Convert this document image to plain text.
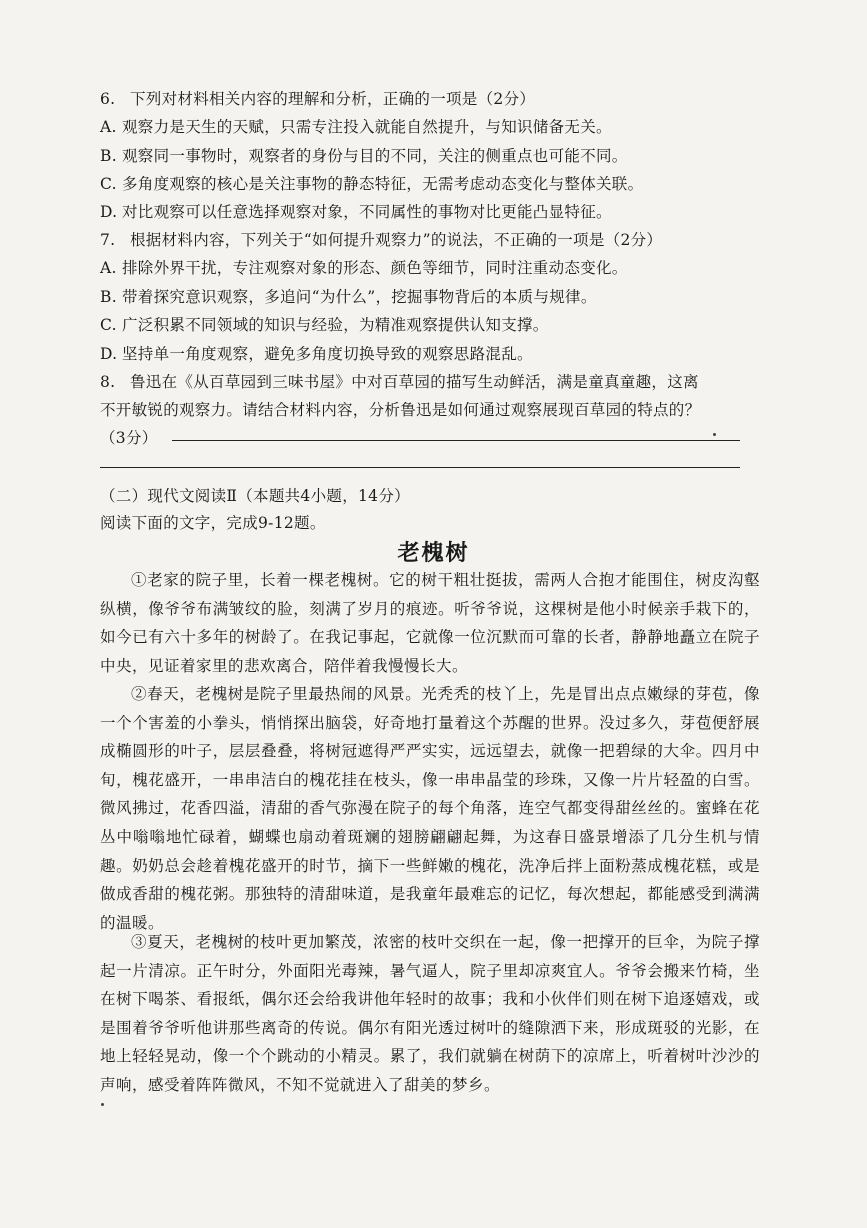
6. 下列对材料相关内容的理解和分析，正确的一项是（2分）
A. 观察力是天生的天赋，只需专注投入就能自然提升，与知识储备无关。
B. 观察同一事物时，观察者的身份与目的不同，关注的侧重点也可能不同。
C. 多角度观察的核心是关注事物的静态特征，无需考虑动态变化与整体关联。
D. 对比观察可以任意选择观察对象，不同属性的事物对比更能凸显特征。
7. 根据材料内容，下列关于“如何提升观察力”的说法，不正确的一项是（2分）
A. 排除外界干扰，专注观察对象的形态、颜色等细节，同时注重动态变化。
B. 带着探究意识观察，多追问“为什么”，挖掘事物背后的本质与规律。
C. 广泛积累不同领域的知识与经验，为精准观察提供认知支撑。
D. 坚持单一角度观察，避免多角度切换导致的观察思路混乱。
8. 鲁迅在《从百草园到三味书屋》中对百草园的描写生动鲜活，满是童真童趣，这离
不开敏锐的观察力。请结合材料内容，分析鲁迅是如何通过观察展现百草园的特点的？
（3分）
（二）现代文阅读Ⅱ（本题共4小题，14分）
阅读下面的文字，完成9-12题。
老槐树

①老家的院子里，长着一棵老槐树。它的树干粗壮挺拔，需两人合抱才能围住，树皮沟壑纵横，像爷爷布满皱纹的脸，刻满了岁月的痕迹。听爷爷说，这棵树是他小时候亲手栽下的，如今已有六十多年的树龄了。在我记事起，它就像一位沉默而可靠的长者，静静地矗立在院子中央，见证着家里的悲欢离合，陪伴着我慢慢长大。

②春天，老槐树是院子里最热闹的风景。光秃秃的枝丫上，先是冒出点点嫩绿的芽苞，像一个个害羞的小拳头，悄悄探出脑袋，好奇地打量着这个苏醒的世界。没过多久，芽苞便舒展成椭圆形的叶子，层层叠叠，将树冠遮得严严实实，远远望去，就像一把碧绿的大伞。四月中旬，槐花盛开，一串串洁白的槐花挂在枝头，像一串串晶莹的珍珠，又像一片片轻盈的白雪。微风拂过，花香四溢，清甜的香气弥漫在院子的每个角落，连空气都变得甜丝丝的。蜜蜂在花丛中嗡嗡地忙碌着，蝴蝶也扇动着斑斓的翅膀翩翩起舞，为这春日盛景增添了几分生机与情趣。奶奶总会趁着槐花盛开的时节，摘下一些鲜嫩的槐花，洗净后拌上面粉蒸成槐花糕，或是做成香甜的槐花粥。那独特的清甜味道，是我童年最难忘的记忆，每次想起，都能感受到满满的温暖。

③夏天，老槐树的枝叶更加繁茂，浓密的枝叶交织在一起，像一把撑开的巨伞，为院子撑起一片清凉。正午时分，外面阳光毒辣，暑气逼人，院子里却凉爽宜人。爷爷会搬来竹椅，坐在树下喝茶、看报纸，偶尔还会给我讲他年轻时的故事；我和小伙伴们则在树下追逐嬉戏，或是围着爷爷听他讲那些离奇的传说。偶尔有阳光透过树叶的缝隙洒下来，形成斑驳的光影，在地上轻轻晃动，像一个个跳动的小精灵。累了，我们就躺在树荫下的凉席上，听着树叶沙沙的声响，感受着阵阵微风，不知不觉就进入了甜美的梦乡。
